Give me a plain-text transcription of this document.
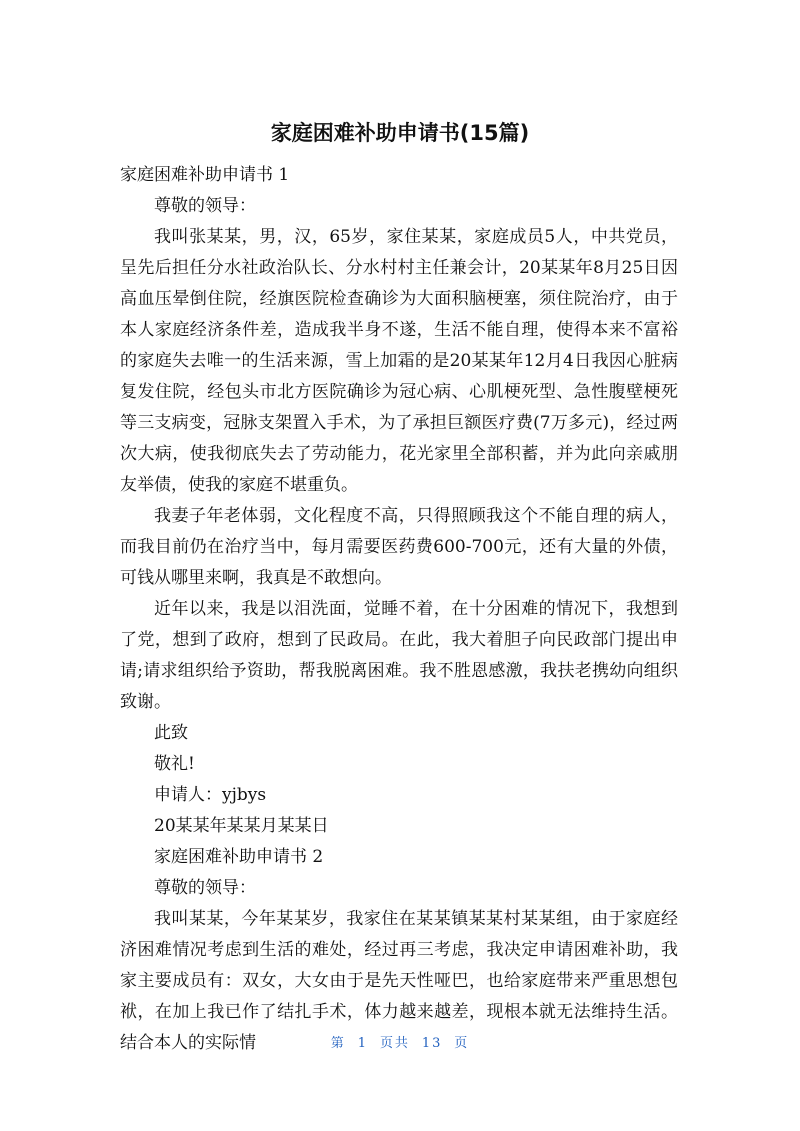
家庭困难补助申请书(15篇)

家庭困难补助申请书 1

尊敬的领导：

我叫张某某，男，汉，65岁，家住某某，家庭成员5人，中共党员，呈先后担任分水社政治队长、分水村村主任兼会计，20某某年8月25日因高血压晕倒住院，经旗医院检查确诊为大面积脑梗塞，须住院治疗，由于本人家庭经济条件差，造成我半身不遂，生活不能自理，使得本来不富裕的家庭失去唯一的生活来源，雪上加霜的是20某某年12月4日我因心脏病复发住院，经包头市北方医院确诊为冠心病、心肌梗死型、急性腹壁梗死等三支病变，冠脉支架置入手术，为了承担巨额医疗费(7万多元)，经过两次大病，使我彻底失去了劳动能力，花光家里全部积蓄，并为此向亲戚朋友举债，使我的家庭不堪重负。

我妻子年老体弱，文化程度不高，只得照顾我这个不能自理的病人，而我目前仍在治疗当中，每月需要医药费600-700元，还有大量的外债，可钱从哪里来啊，我真是不敢想向。

近年以来，我是以泪洗面，觉睡不着，在十分困难的情况下，我想到了党，想到了政府，想到了民政局。在此，我大着胆子向民政部门提出申请;请求组织给予资助，帮我脱离困难。我不胜恩感激，我扶老携幼向组织致谢。

此致

敬礼!

申请人：yjbys

20某某年某某月某某日

家庭困难补助申请书 2

尊敬的领导：

我叫某某，今年某某岁，我家住在某某镇某某村某某组，由于家庭经济困难情况考虑到生活的难处，经过再三考虑，我决定申请困难补助，我家主要成员有：双女，大女由于是先天性哑巴，也给家庭带来严重思想包袱，在加上我已作了结扎手术，体力越来越差，现根本就无法维持生活。结合本人的实际情	第 1 页共 13 页
